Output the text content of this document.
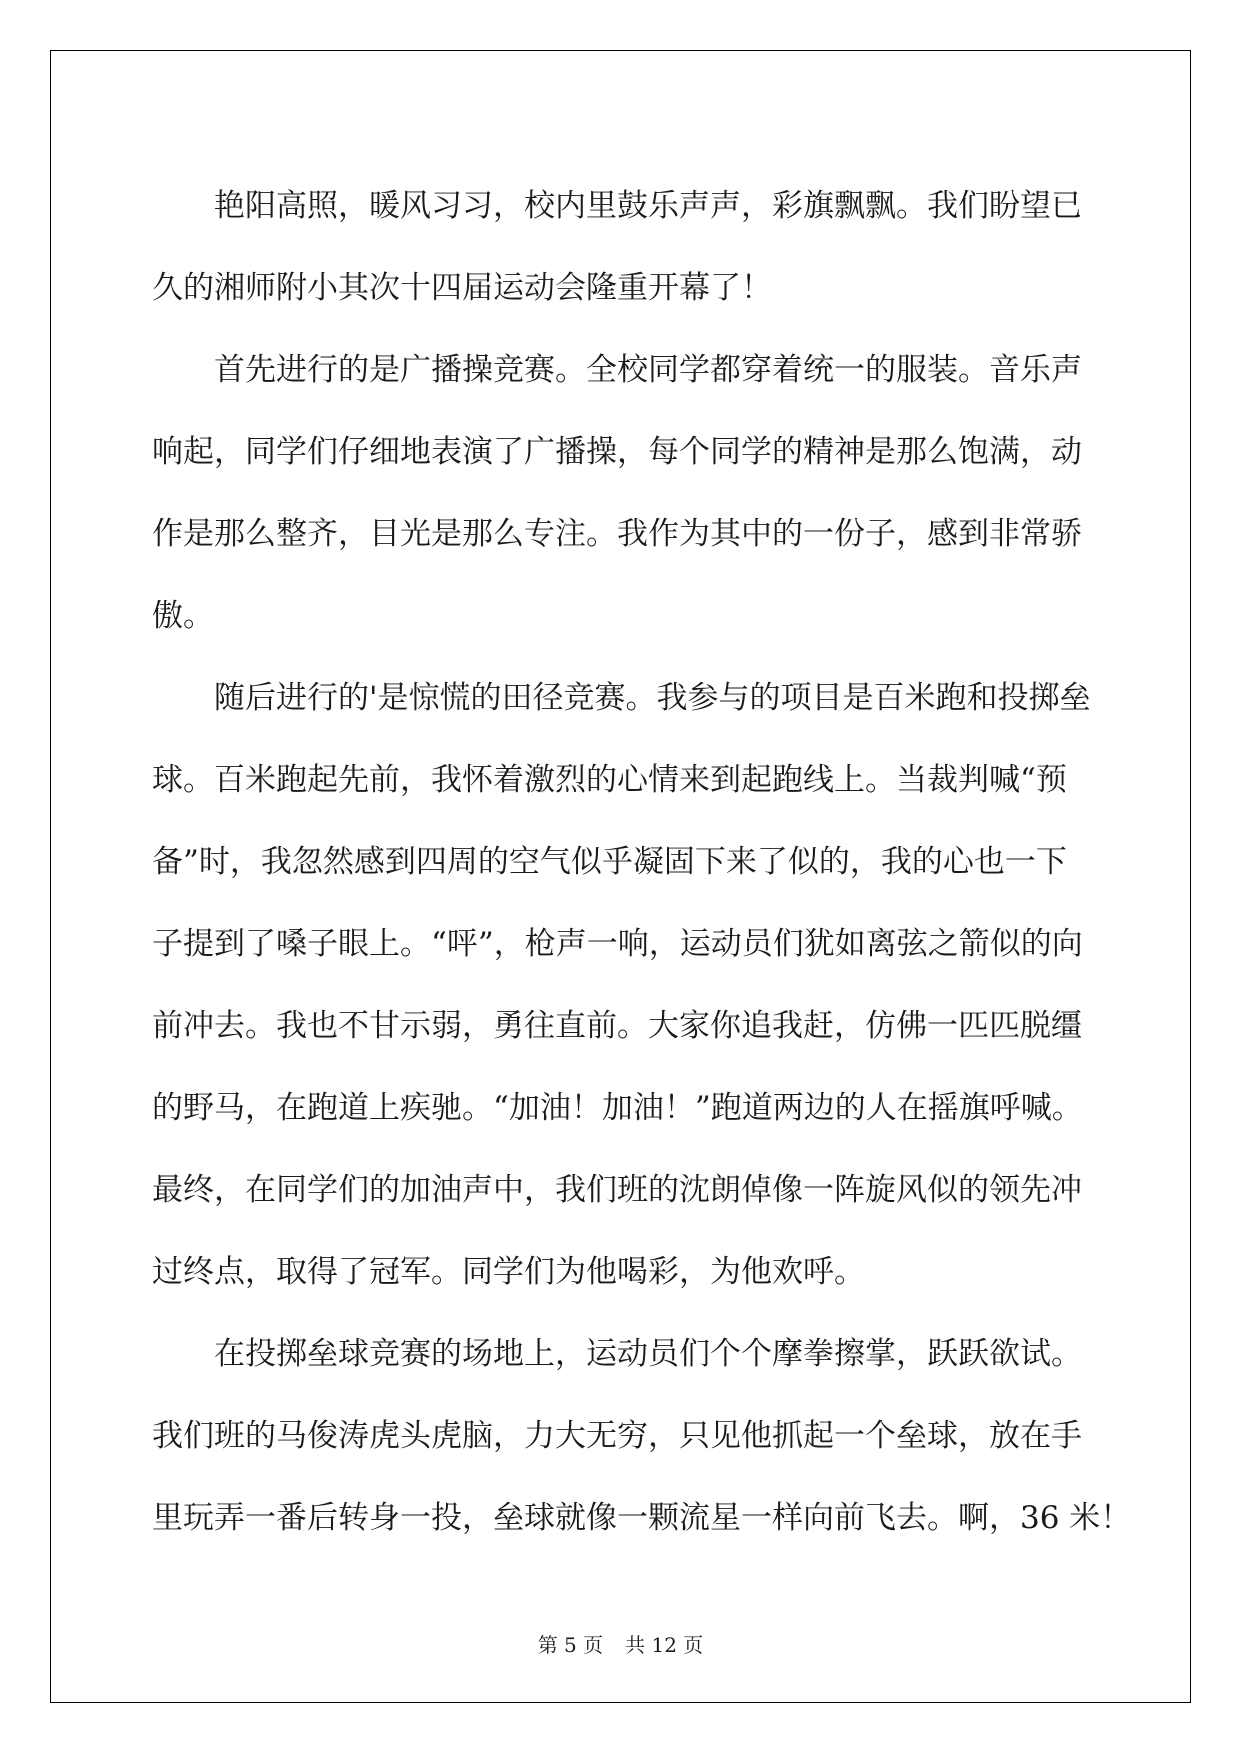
艳阳高照，暖风习习，校内里鼓乐声声，彩旗飘飘。我们盼望已
久的湘师附小其次十四届运动会隆重开幕了！
首先进行的是广播操竞赛。全校同学都穿着统一的服装。音乐声
响起，同学们仔细地表演了广播操，每个同学的精神是那么饱满，动
作是那么整齐，目光是那么专注。我作为其中的一份子，感到非常骄
傲。
随后进行的'是惊慌的田径竞赛。我参与的项目是百米跑和投掷垒
球。百米跑起先前，我怀着激烈的心情来到起跑线上。当裁判喊“预
备”时，我忽然感到四周的空气似乎凝固下来了似的，我的心也一下
子提到了嗓子眼上。“呯”，枪声一响，运动员们犹如离弦之箭似的向
前冲去。我也不甘示弱，勇往直前。大家你追我赶，仿佛一匹匹脱缰
的野马，在跑道上疾驰。“加油！加油！”跑道两边的人在摇旗呼喊。
最终，在同学们的加油声中，我们班的沈朗倬像一阵旋风似的领先冲
过终点，取得了冠军。同学们为他喝彩，为他欢呼。
在投掷垒球竞赛的场地上，运动员们个个摩拳擦掌，跃跃欲试。
我们班的马俊涛虎头虎脑，力大无穷，只见他抓起一个垒球，放在手
里玩弄一番后转身一投，垒球就像一颗流星一样向前飞去。啊，36 米！
第 5 页 共 12 页
